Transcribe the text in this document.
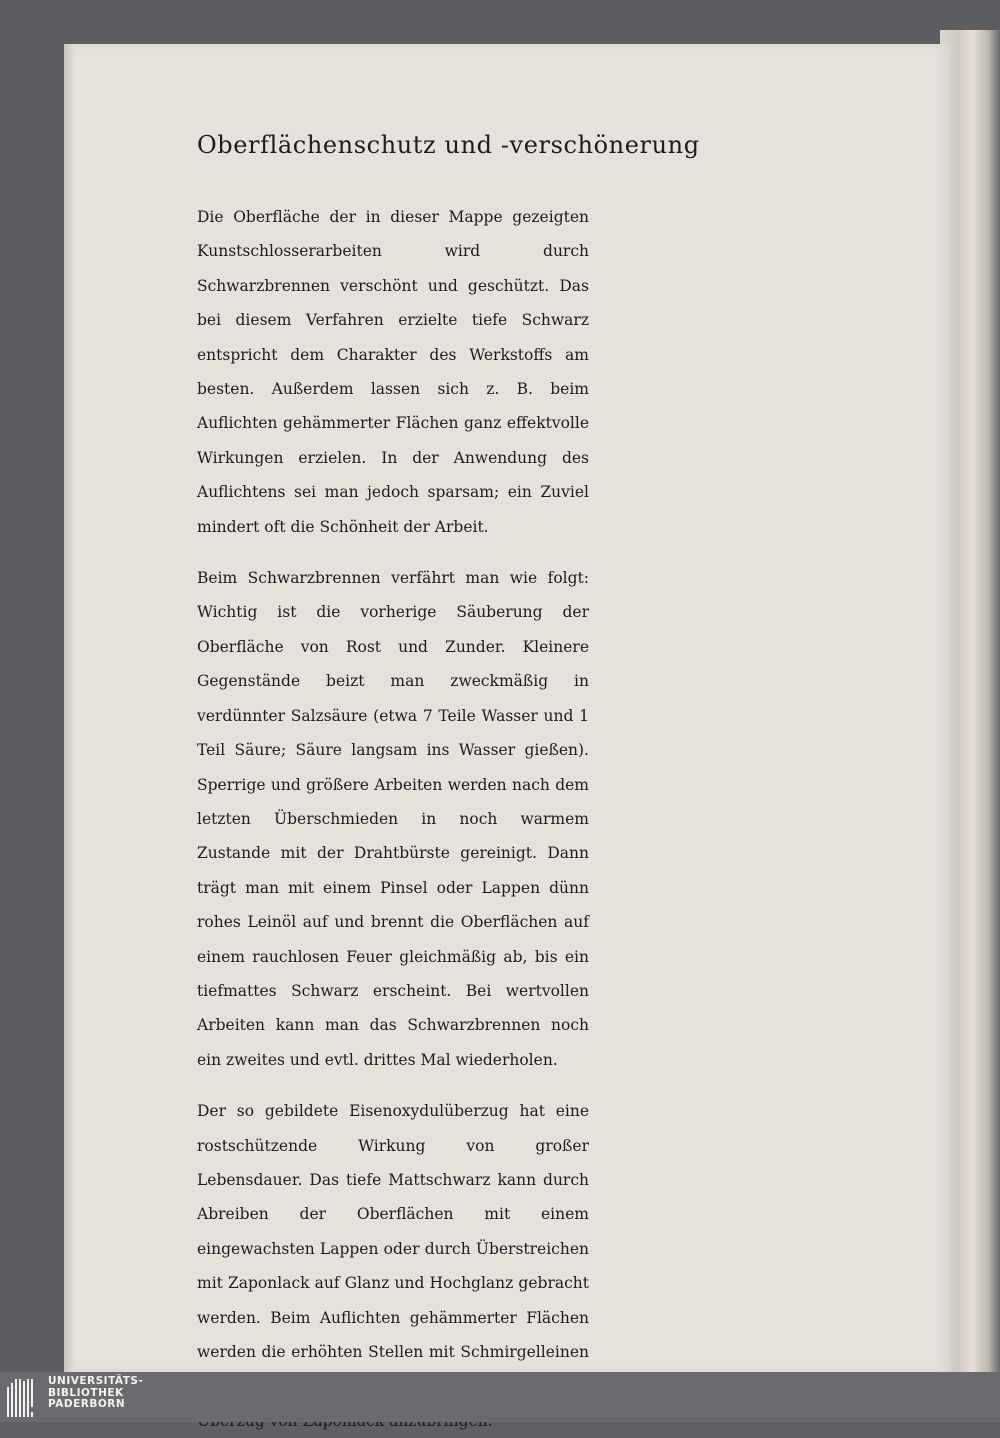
Oberflächenschutz und -verschönerung

Die Oberfläche der in dieser Mappe gezeigten Kunstschlosserarbeiten wird durch Schwarzbrennen verschönt und geschützt. Das bei diesem Verfahren erzielte tiefe Schwarz entspricht dem Charakter des Werkstoffs am besten. Außerdem lassen sich z. B. beim Auflichten gehämmerter Flächen ganz effektvolle Wirkungen erzielen. In der Anwendung des Auflichtens sei man jedoch sparsam; ein Zuviel mindert oft die Schönheit der Arbeit.

Beim Schwarzbrennen verfährt man wie folgt: Wichtig ist die vorherige Säuberung der Oberfläche von Rost und Zunder. Kleinere Gegenstände beizt man zweckmäßig in verdünnter Salzsäure (etwa 7 Teile Wasser und 1 Teil Säure; Säure langsam ins Wasser gießen). Sperrige und größere Arbeiten werden nach dem letzten Überschmieden in noch warmem Zustande mit der Drahtbürste gereinigt. Dann trägt man mit einem Pinsel oder Lappen dünn rohes Leinöl auf und brennt die Oberflächen auf einem rauchlosen Feuer gleichmäßig ab, bis ein tiefmattes Schwarz erscheint. Bei wertvollen Arbeiten kann man das Schwarzbrennen noch ein zweites und evtl. drittes Mal wiederholen.

Der so gebildete Eisenoxydulüberzug hat eine rostschützende Wirkung von großer Lebensdauer. Das tiefe Mattschwarz kann durch Abreiben der Oberflächen mit einem eingewachsten Lappen oder durch Überstreichen mit Zaponlack auf Glanz und Hochglanz gebracht werden. Beim Auflichten gehämmerter Flächen werden die erhöhten Stellen mit Schmirgelleinen

UNIVERSITÄTS-
BIBLIOTHEK
PADERBORN
